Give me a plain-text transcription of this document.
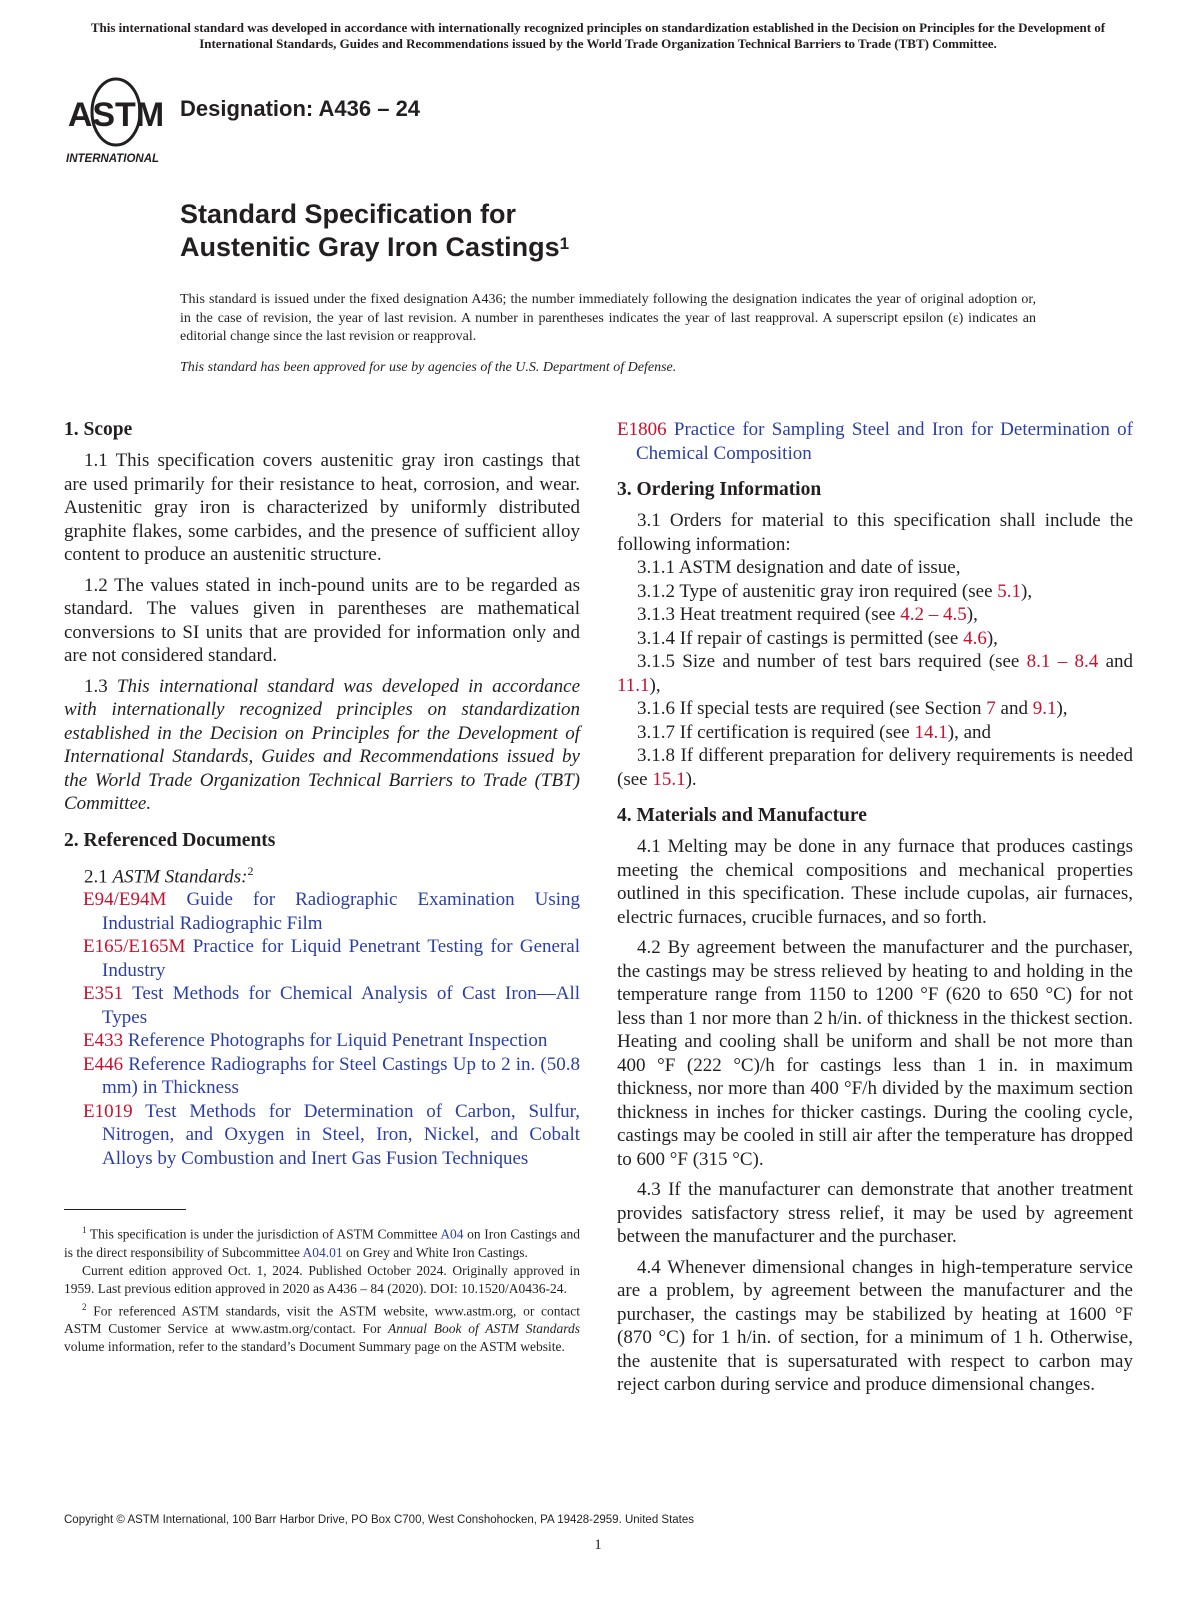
This international standard was developed in accordance with internationally recognized principles on standardization established in the Decision on Principles for the Development of International Standards, Guides and Recommendations issued by the World Trade Organization Technical Barriers to Trade (TBT) Committee.
ASTM
INTERNATIONAL
Designation: A436 – 24
Standard Specification for
Austenitic Gray Iron Castings$^1$
This standard is issued under the fixed designation A436; the number immediately following the designation indicates the year of original adoption or, in the case of revision, the year of last revision. A number in parentheses indicates the year of last reapproval. A superscript epsilon (ε) indicates an editorial change since the last revision or reapproval.
This standard has been approved for use by agencies of the U.S. Department of Defense.
1. Scope

1.1 This specification covers austenitic gray iron castings that are used primarily for their resistance to heat, corrosion, and wear. Austenitic gray iron is characterized by uniformly distributed graphite flakes, some carbides, and the presence of sufficient alloy content to produce an austenitic structure.

1.2 The values stated in inch-pound units are to be regarded as standard. The values given in parentheses are mathematical conversions to SI units that are provided for information only and are not considered standard.

1.3 This international standard was developed in accordance with internationally recognized principles on standardization established in the Decision on Principles for the Development of International Standards, Guides and Recommendations issued by the World Trade Organization Technical Barriers to Trade (TBT) Committee.

2. Referenced Documents
2.1 ASTM Standards:$^2$
E94/E94M Guide for Radiographic Examination Using Industrial Radiographic Film
E165/E165M Practice for Liquid Penetrant Testing for General Industry
E351 Test Methods for Chemical Analysis of Cast Iron—All Types
E433 Reference Photographs for Liquid Penetrant Inspection
E446 Reference Radiographs for Steel Castings Up to 2 in. (50.8 mm) in Thickness
E1019 Test Methods for Determination of Carbon, Sulfur, Nitrogen, and Oxygen in Steel, Iron, Nickel, and Cobalt Alloys by Combustion and Inert Gas Fusion Techniques

$^1$ This specification is under the jurisdiction of ASTM Committee A04 on Iron Castings and is the direct responsibility of Subcommittee A04.01 on Grey and White Iron Castings.

Current edition approved Oct. 1, 2024. Published October 2024. Originally approved in 1959. Last previous edition approved in 2020 as A436 – 84 (2020). DOI: 10.1520/A0436-24.

$^2$ For referenced ASTM standards, visit the ASTM website, www.astm.org, or contact ASTM Customer Service at www.astm.org/contact. For Annual Book of ASTM Standards volume information, refer to the standard’s Document Summary page on the ASTM website.

E1806 Practice for Sampling Steel and Iron for Determination of Chemical Composition
3. Ordering Information

3.1 Orders for material to this specification shall include the following information:

3.1.1 ASTM designation and date of issue,
3.1.2 Type of austenitic gray iron required (see 5.1),
3.1.3 Heat treatment required (see 4.2 – 4.5),
3.1.4 If repair of castings is permitted (see 4.6),
3.1.5 Size and number of test bars required (see 8.1 – 8.4 and 11.1),
3.1.6 If special tests are required (see Section 7 and 9.1),
3.1.7 If certification is required (see 14.1), and
3.1.8 If different preparation for delivery requirements is needed (see 15.1).
4. Materials and Manufacture

4.1 Melting may be done in any furnace that produces castings meeting the chemical compositions and mechanical properties outlined in this specification. These include cupolas, air furnaces, electric furnaces, crucible furnaces, and so forth.

4.2 By agreement between the manufacturer and the purchaser, the castings may be stress relieved by heating to and holding in the temperature range from 1150 to 1200 °F (620 to 650 °C) for not less than 1 nor more than 2 h/in. of thickness in the thickest section. Heating and cooling shall be uniform and shall be not more than 400 °F (222 °C)/h for castings less than 1 in. in maximum thickness, nor more than 400 °F/h divided by the maximum section thickness in inches for thicker castings. During the cooling cycle, castings may be cooled in still air after the temperature has dropped to 600 °F (315 °C).

4.3 If the manufacturer can demonstrate that another treatment provides satisfactory stress relief, it may be used by agreement between the manufacturer and the purchaser.

4.4 Whenever dimensional changes in high-temperature service are a problem, by agreement between the manufacturer and the purchaser, the castings may be stabilized by heating at 1600 °F (870 °C) for 1 h/in. of section, for a minimum of 1 h. Otherwise, the austenite that is supersaturated with respect to carbon may reject carbon during service and produce dimensional changes.

Copyright © ASTM International, 100 Barr Harbor Drive, PO Box C700, West Conshohocken, PA 19428-2959. United States
1
